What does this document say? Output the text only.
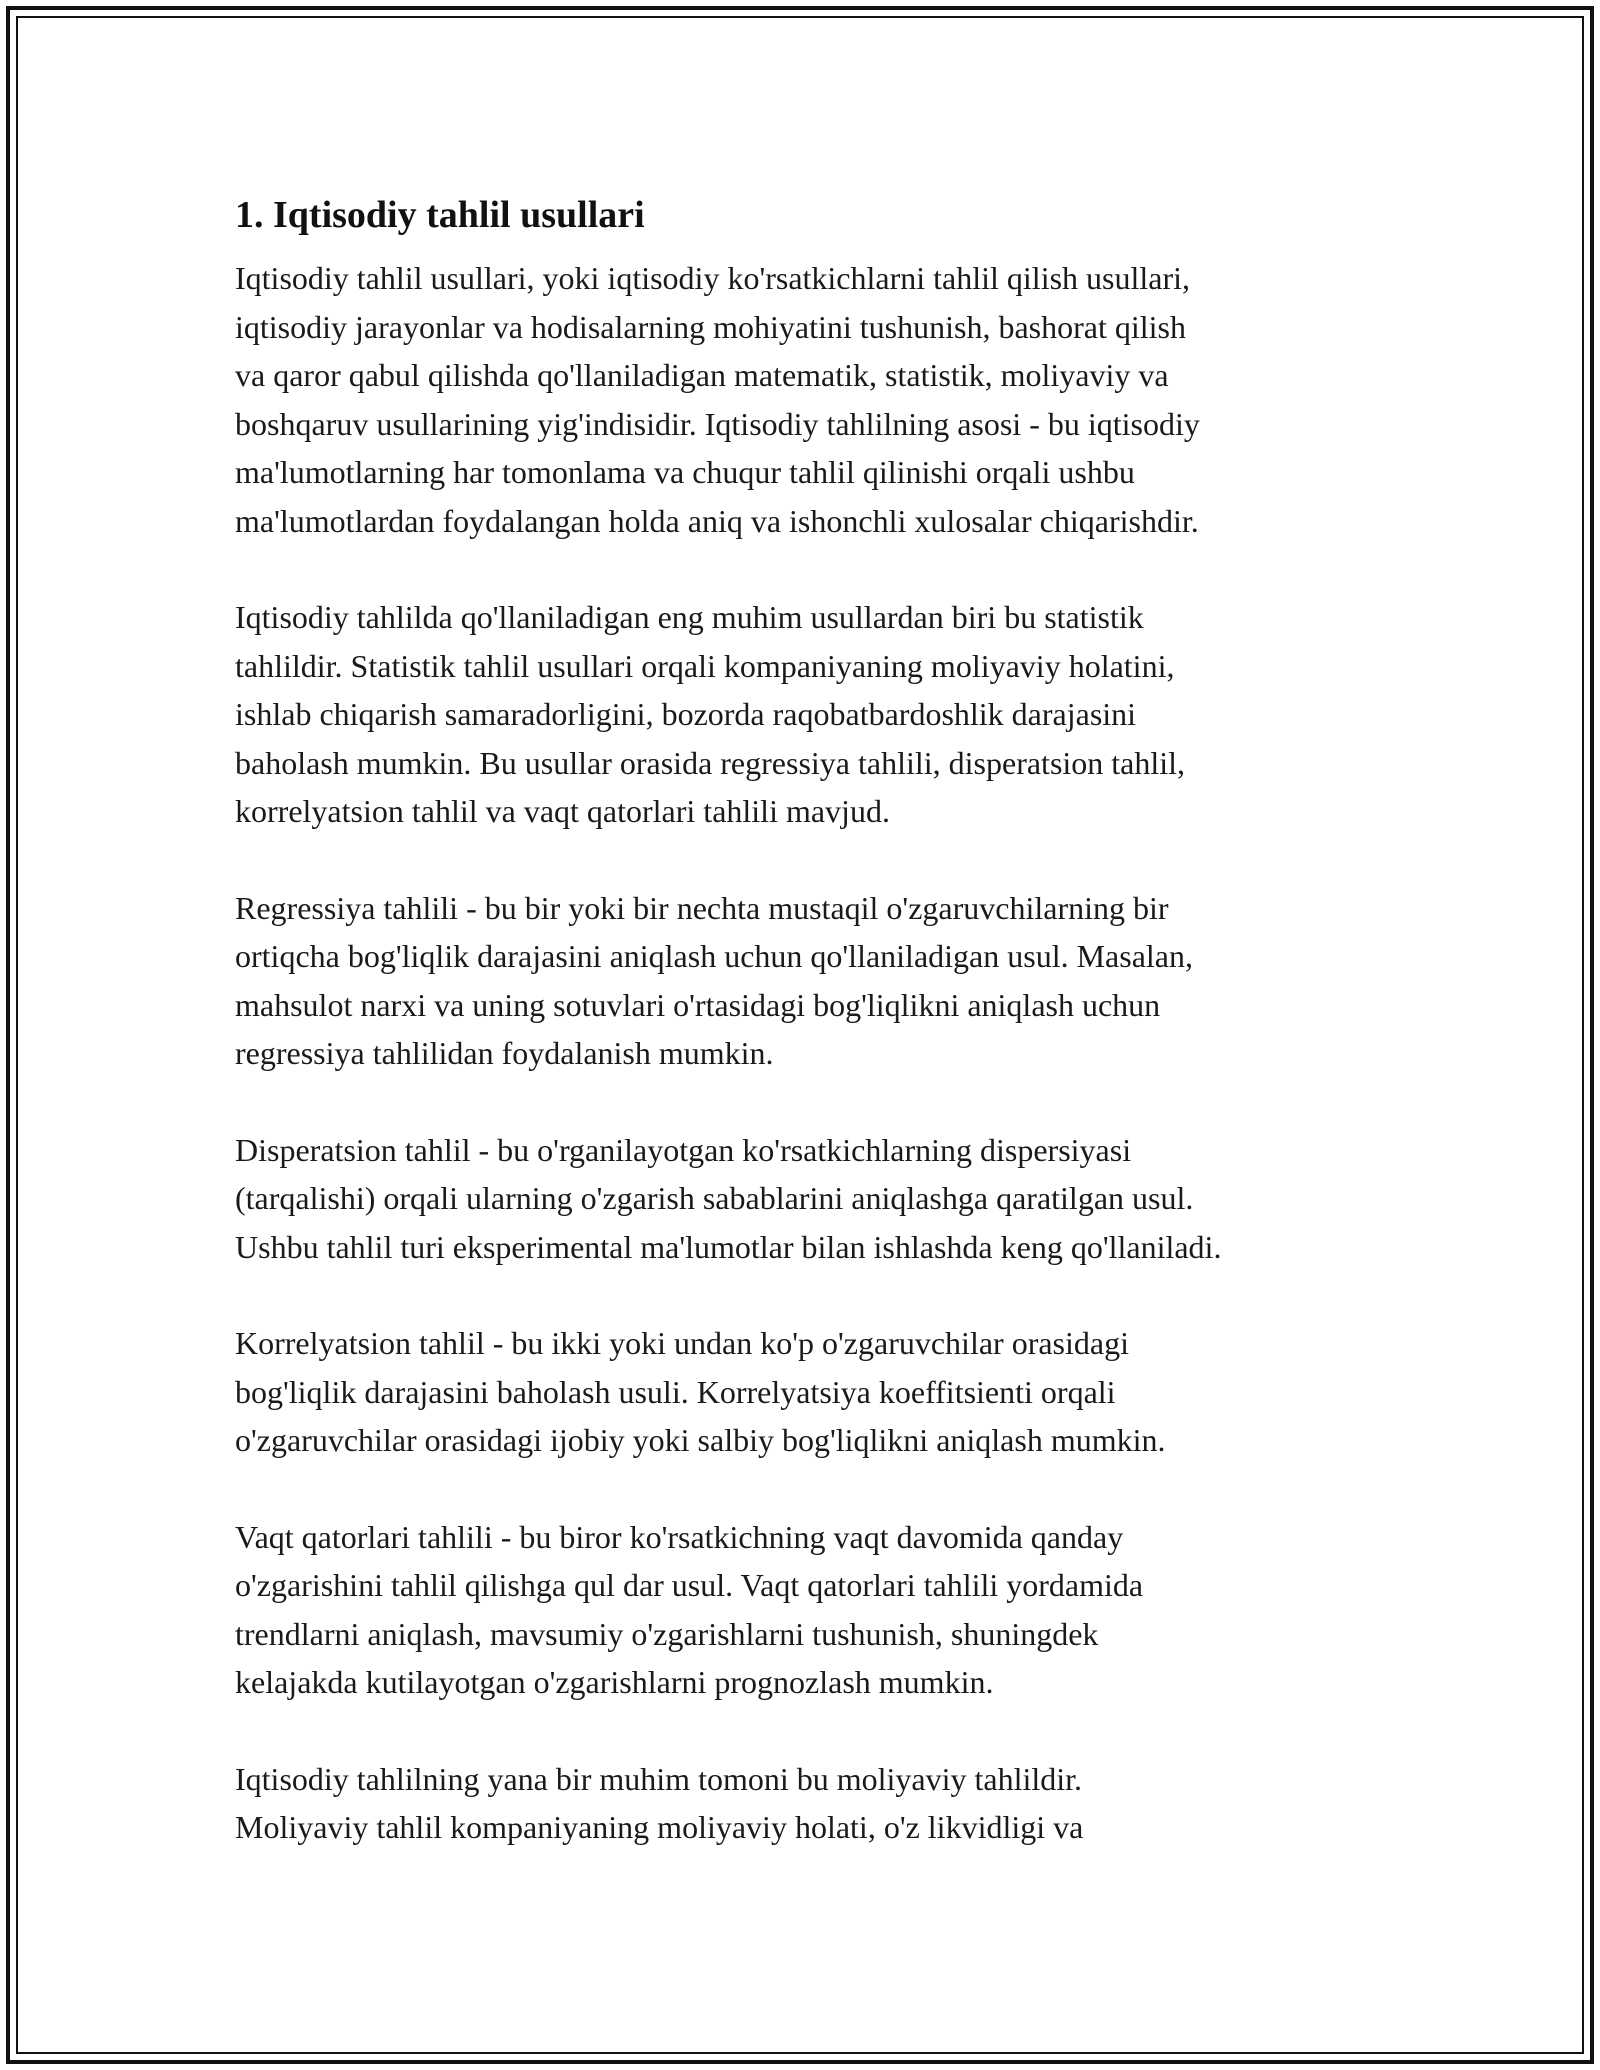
1. Iqtisodiy tahlil usullari

Iqtisodiy tahlil usullari, yoki iqtisodiy ko'rsatkichlarni tahlil qilish usullari,
iqtisodiy jarayonlar va hodisalarning mohiyatini tushunish, bashorat qilish
va qaror qabul qilishda qo'llaniladigan matematik, statistik, moliyaviy va
boshqaruv usullarining yig'indisidir. Iqtisodiy tahlilning asosi - bu iqtisodiy
ma'lumotlarning har tomonlama va chuqur tahlil qilinishi orqali ushbu
ma'lumotlardan foydalangan holda aniq va ishonchli xulosalar chiqarishdir.

Iqtisodiy tahlilda qo'llaniladigan eng muhim usullardan biri bu statistik
tahlildir. Statistik tahlil usullari orqali kompaniyaning moliyaviy holatini,
ishlab chiqarish samaradorligini, bozorda raqobatbardoshlik darajasini
baholash mumkin. Bu usullar orasida regressiya tahlili, disperatsion tahlil,
korrelyatsion tahlil va vaqt qatorlari tahlili mavjud.

Regressiya tahlili - bu bir yoki bir nechta mustaqil o'zgaruvchilarning bir
ortiqcha bog'liqlik darajasini aniqlash uchun qo'llaniladigan usul. Masalan,
mahsulot narxi va uning sotuvlari o'rtasidagi bog'liqlikni aniqlash uchun
regressiya tahlilidan foydalanish mumkin.

Disperatsion tahlil - bu o'rganilayotgan ko'rsatkichlarning dispersiyasi
(tarqalishi) orqali ularning o'zgarish sabablarini aniqlashga qaratilgan usul.
Ushbu tahlil turi eksperimental ma'lumotlar bilan ishlashda keng qo'llaniladi.

Korrelyatsion tahlil - bu ikki yoki undan ko'p o'zgaruvchilar orasidagi
bog'liqlik darajasini baholash usuli. Korrelyatsiya koeffitsienti orqali
o'zgaruvchilar orasidagi ijobiy yoki salbiy bog'liqlikni aniqlash mumkin.

Vaqt qatorlari tahlili - bu biror ko'rsatkichning vaqt davomida qanday
o'zgarishini tahlil qilishga qul dar usul. Vaqt qatorlari tahlili yordamida
trendlarni aniqlash, mavsumiy o'zgarishlarni tushunish, shuningdek
kelajakda kutilayotgan o'zgarishlarni prognozlash mumkin.

Iqtisodiy tahlilning yana bir muhim tomoni bu moliyaviy tahlildir.
Moliyaviy tahlil kompaniyaning moliyaviy holati, o'z likvidligi va
